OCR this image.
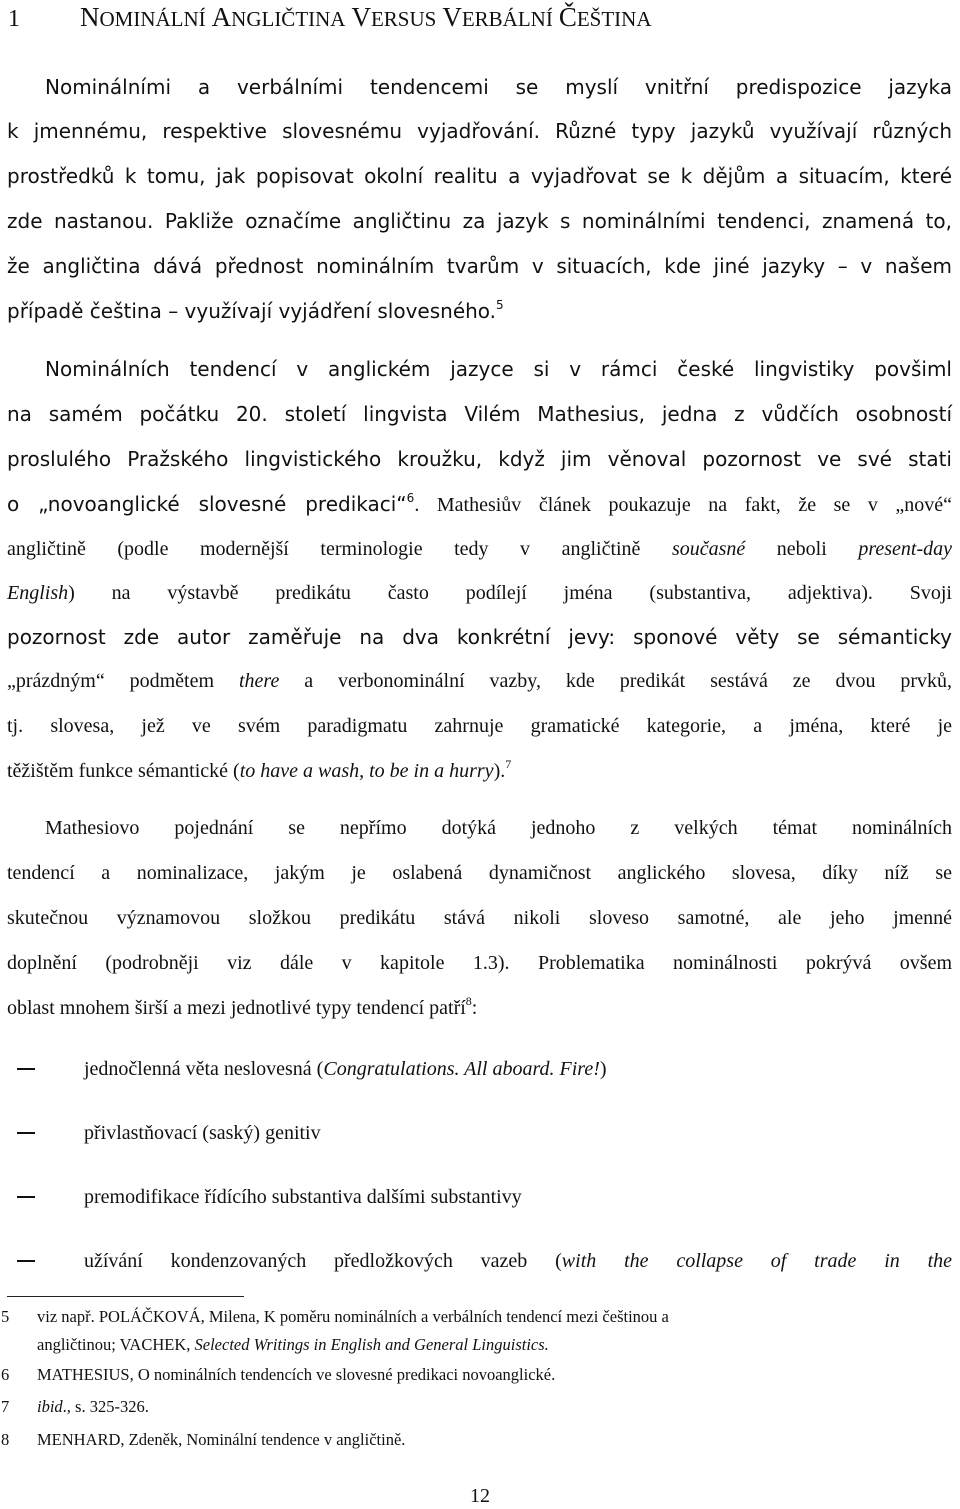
1 NOMINÁLNÍ ANGLIČTINA VERSUS VERBÁLNÍ ČEŠTINA
Nominálními a verbálními tendencemi se myslí vnitřní predispozice jazyka
k jmennému, respektive slovesnému vyjadřování. Různé typy jazyků využívají různých
prostředků k tomu, jak popisovat okolní realitu a vyjadřovat se k dějům a situacím, které
zde nastanou. Pakliže označíme angličtinu za jazyk s nominálními tendenci, znamená to,
že angličtina dává přednost nominálním tvarům v situacích, kde jiné jazyky – v našem
případě čeština – využívají vyjádření slovesného.$^5$
Nominálních tendencí v anglickém jazyce si v rámci české lingvistiky povšiml
na samém počátku 20. století lingvista Vilém Mathesius, jedna z vůdčích osobností
proslulého Pražského lingvistického kroužku, když jim věnoval pozornost ve své stati
o „novoanglické slovesné predikaci“$^6$. Mathesiův článek poukazuje na fakt, že se v „nové“
angličtině (podle modernější terminologie tedy v angličtině současné neboli present-day
English) na výstavbě predikátu často podílejí jména (substantiva, adjektiva). Svoji
pozornost zde autor zaměřuje na dva konkrétní jevy: sponové věty se sémanticky
„prázdným“ podmětem there a verbonominální vazby, kde predikát sestává ze dvou prvků,
tj. slovesa, jež ve svém paradigmatu zahrnuje gramatické kategorie, a jména, které je
těžištěm funkce sémantické (to have a wash, to be in a hurry).$^7$
Mathesiovo pojednání se nepřímo dotýká jednoho z velkých témat nominálních
tendencí a nominalizace, jakým je oslabená dynamičnost anglického slovesa, díky níž se
skutečnou významovou složkou predikátu stává nikoli sloveso samotné, ale jeho jmenné
doplnění (podrobněji viz dále v kapitole 1.3). Problematika nominálnosti pokrývá ovšem
oblast mnohem širší a mezi jednotlivé typy tendencí patří$^8$:
jednočlenná věta neslovesná (Congratulations. All aboard. Fire!)
přivlastňovací (saský) genitiv
premodifikace řídícího substantiva dalšími substantivy
užívání kondenzovaných předložkových vazeb (with the collapse of trade in the
5 viz např. POLÁČKOVÁ, Milena, K poměru nominálních a verbálních tendencí mezi češtinou a
angličtinou; VACHEK, Selected Writings in English and General Linguistics.
6 MATHESIUS, O nominálních tendencích ve slovesné predikaci novoanglické.
7 ibid., s. 325-326.
8 MENHARD, Zdeněk, Nominální tendence v angličtině.
12
